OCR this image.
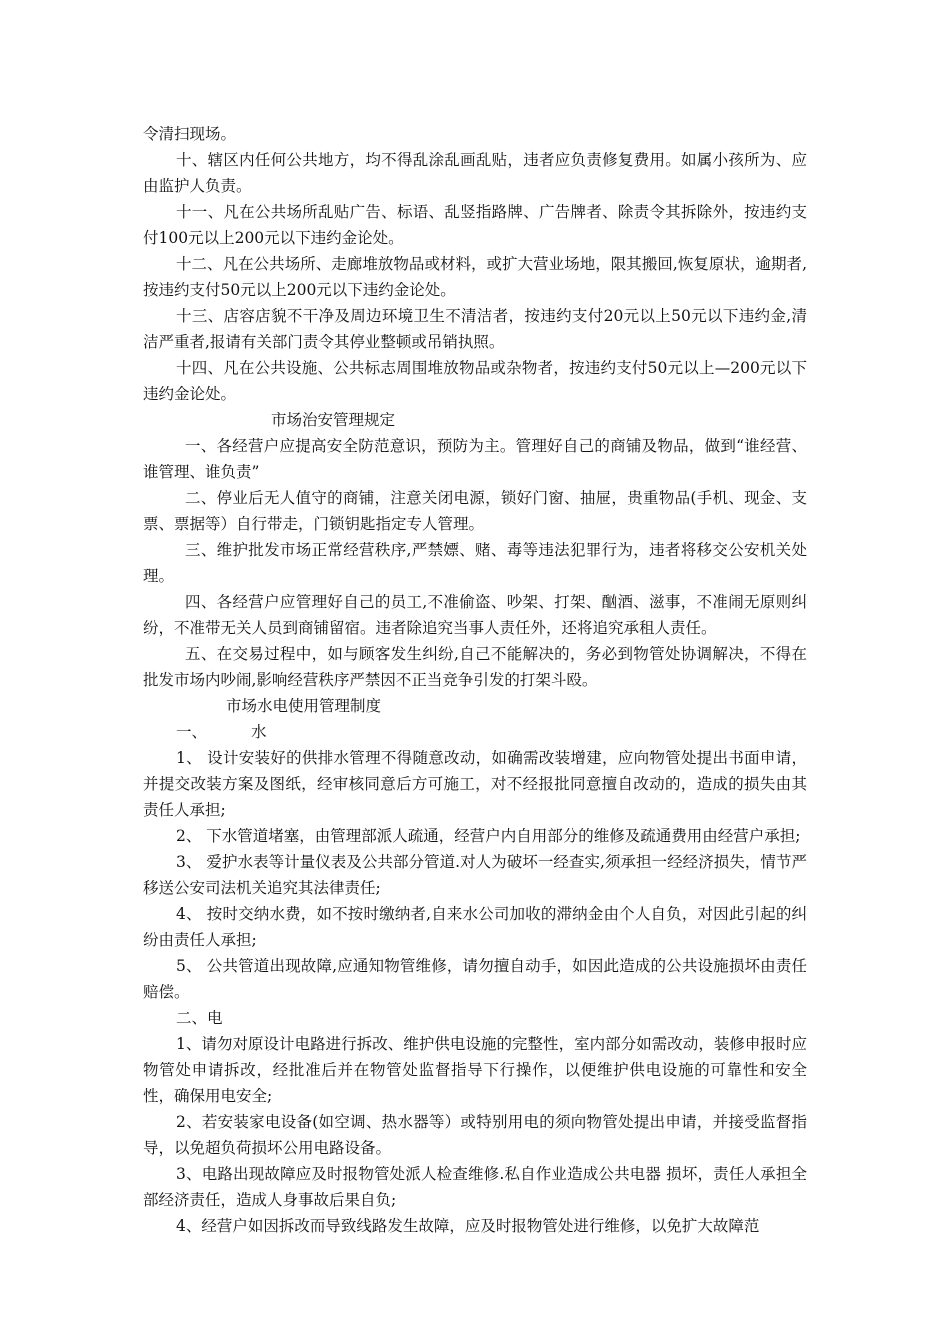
令清扫现场。

十、辖区内任何公共地方，均不得乱涂乱画乱贴，违者应负责修复费用。如属小孩所为、应由监护人负责。

十一、凡在公共场所乱贴广告、标语、乱竖指路牌、广告牌者、除责令其拆除外，按违约支付100元以上200元以下违约金论处。

十二、凡在公共场所、走廊堆放物品或材料，或扩大营业场地，限其搬回,恢复原状，逾期者,按违约支付50元以上200元以下违约金论处。

十三、店容店貌不干净及周边环境卫生不清洁者，按违约支付20元以上50元以下违约金,清洁严重者,报请有关部门责令其停业整顿或吊销执照。

十四、凡在公共设施、公共标志周围堆放物品或杂物者，按违约支付50元以上—200元以下违约金论处。

市场治安管理规定

一、各经营户应提高安全防范意识，预防为主。管理好自己的商铺及物品，做到“谁经营、谁管理、谁负责”

二、停业后无人值守的商铺，注意关闭电源，锁好门窗、抽屉，贵重物品(手机、现金、支票、票据等）自行带走，门锁钥匙指定专人管理。

三、维护批发市场正常经营秩序,严禁嫖、赌、毒等违法犯罪行为，违者将移交公安机关处理。

四、各经营户应管理好自己的员工,不准偷盗、吵架、打架、酗酒、滋事，不准闹无原则纠纷，不准带无关人员到商铺留宿。违者除追究当事人责任外，还将追究承租人责任。

五、在交易过程中，如与顾客发生纠纷,自己不能解决的，务必到物管处协调解决，不得在批发市场内吵闹,影响经营秩序严禁因不正当竞争引发的打架斗殴。

市场水电使用管理制度

一、	水

1、 设计安装好的供排水管理不得随意改动，如确需改装增建，应向物管处提出书面申请，并提交改装方案及图纸，经审核同意后方可施工，对不经报批同意擅自改动的，造成的损失由其责任人承担;

2、 下水管道堵塞，由管理部派人疏通，经营户内自用部分的维修及疏通费用由经营户承担;

3、 爱护水表等计量仪表及公共部分管道.对人为破坏一经查实,须承担一经经济损失，情节严移送公安司法机关追究其法律责任;

4、 按时交纳水费，如不按时缴纳者,自来水公司加收的滞纳金由个人自负，对因此引起的纠纷由责任人承担;

5、 公共管道出现故障,应通知物管维修，请勿擅自动手，如因此造成的公共设施损坏由责任赔偿。

二、电

1、请勿对原设计电路进行拆改、维护供电设施的完整性，室内部分如需改动，装修申报时应 物管处申请拆改，经批准后并在物管处监督指导下行操作，以便维护供电设施的可靠性和安全性，确保用电安全;

2、若安装家电设备(如空调、热水器等）或特别用电的须向物管处提出申请，并接受监督指导，以免超负荷损坏公用电路设备。

3、电路出现故障应及时报物管处派人检查维修.私自作业造成公共电器 损坏，责任人承担全部经济责任，造成人身事故后果自负;

4、经营户如因拆改而导致线路发生故障，应及时报物管处进行维修，以免扩大故障范
